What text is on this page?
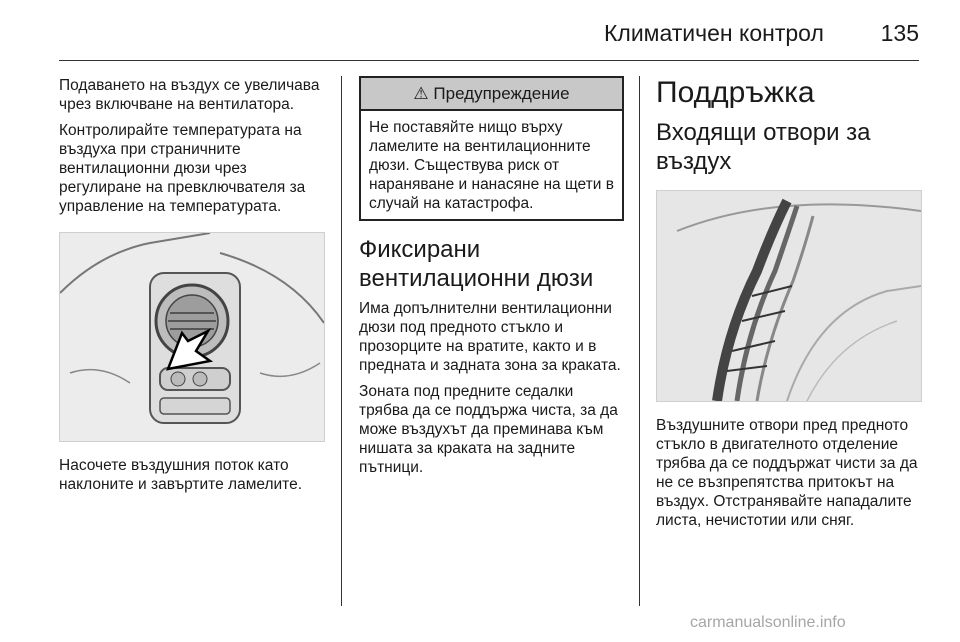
Климатичен контрол 135

Подаването на въздух се увеличава чрез включване на вентилатора.

Контролирайте температурата на въздуха при страничните вентилационни дюзи чрез регулиране на превключвателя за управление на температурата.

Насочете въздушния поток като наклоните и завъртите ламелите.

⚠ Предупреждение
Не поставяйте нищо върху ламелите на вентилационните дюзи. Съществува риск от нараняване и нанасяне на щети в случай на катастрофа.
Фиксирани вентилационни дюзи

Има допълнителни вентилационни дюзи под предното стъкло и прозорците на вратите, както и в предната и задната зона за краката.

Зоната под предните седалки трябва да се поддържа чиста, за да може въздухът да преминава към нишата за краката на задните пътници.

Поддръжка
Входящи отвори за въздух

Въздушните отвори пред предното стъкло в двигателното отделение трябва да се поддържат чисти за да не се възпрепятства притокът на въздух. Отстранявайте нападалите листа, нечистотии или сняг.

carmanualsonline.info
